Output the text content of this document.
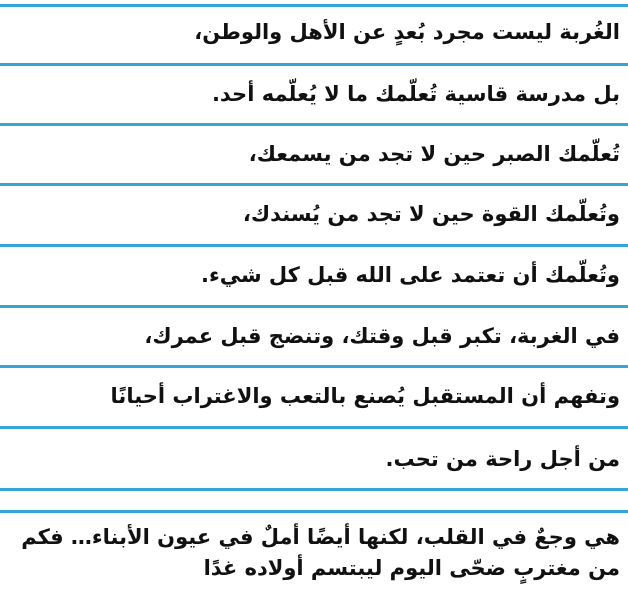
الغُربة ليست مجرد بُعدٍ عن الأهل والوطن،
بل مدرسة قاسية تُعلّمك ما لا يُعلّمه أحد.
تُعلّمك الصبر حين لا تجد من يسمعك،
وتُعلّمك القوة حين لا تجد من يُسندك،
وتُعلّمك أن تعتمد على الله قبل كل شيء.
في الغربة، تكبر قبل وقتك، وتنضج قبل عمرك،
وتفهم أن المستقبل يُصنع بالتعب والاغتراب أحيانًا
من أجل راحة من تحب.
هي وجعٌ في القلب، لكنها أيضًا أملٌ في عيون الأبناء… فكم من مغتربٍ ضحّى اليوم ليبتسم أولاده غدًا
